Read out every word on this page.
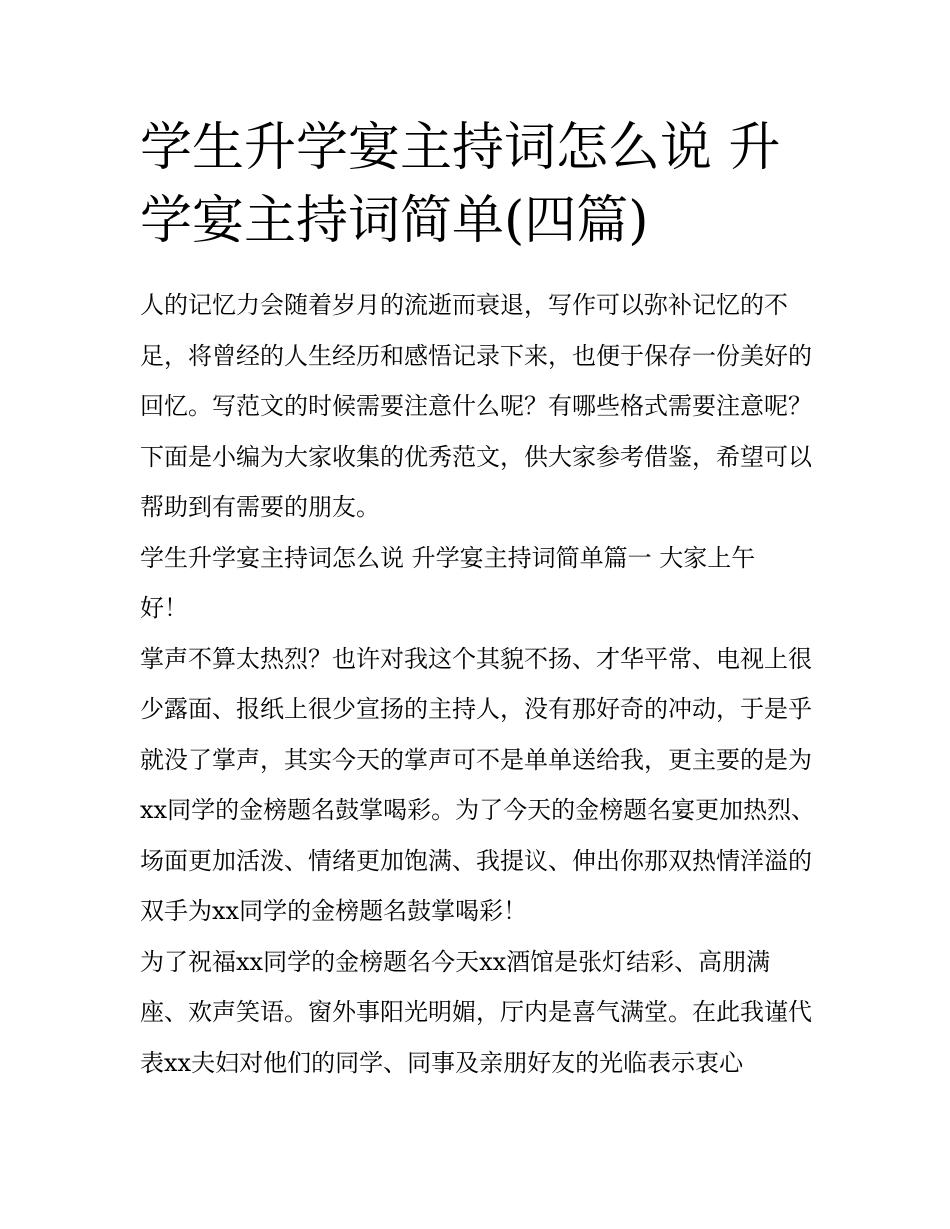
学生升学宴主持词怎么说 升学宴主持词简单(四篇)

人的记忆力会随着岁月的流逝而衰退，写作可以弥补记忆的不足，将曾经的人生经历和感悟记录下来，也便于保存一份美好的回忆。写范文的时候需要注意什么呢？有哪些格式需要注意呢？下面是小编为大家收集的优秀范文，供大家参考借鉴，希望可以帮助到有需要的朋友。

学生升学宴主持词怎么说 升学宴主持词简单篇一 大家上午好！

掌声不算太热烈？也许对我这个其貌不扬、才华平常、电视上很少露面、报纸上很少宣扬的主持人，没有那好奇的冲动，于是乎就没了掌声，其实今天的掌声可不是单单送给我，更主要的是为xx同学的金榜题名鼓掌喝彩。为了今天的金榜题名宴更加热烈、场面更加活泼、情绪更加饱满、我提议、伸出你那双热情洋溢的双手为xx同学的金榜题名鼓掌喝彩！

为了祝福xx同学的金榜题名今天xx酒馆是张灯结彩、高朋满座、欢声笑语。窗外事阳光明媚，厅内是喜气满堂。在此我谨代表xx夫妇对他们的同学、同事及亲朋好友的光临表示衷心
